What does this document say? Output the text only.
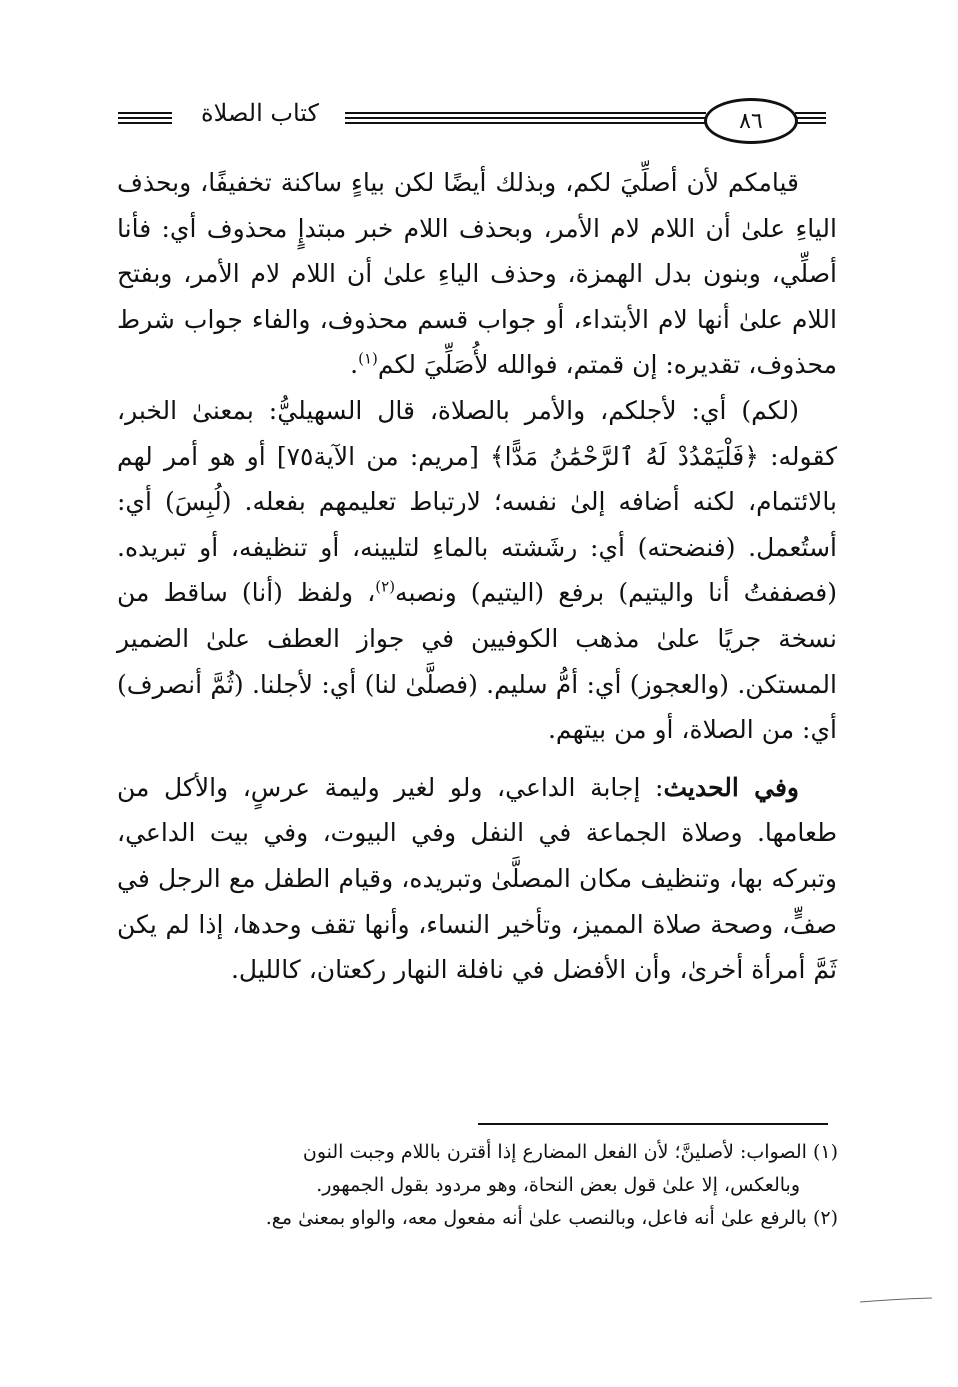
٨٦
كتاب الصلاة

قيامكم لأن أصلِّيَ لكم، وبذلك أيضًا لكن بياءٍ ساكنة تخفيفًا، وبحذف الياءِ علىٰ أن اللام لام الأمر، وبحذف اللام خبر مبتدإٍ محذوف أي: فأنا أصلِّي، وبنون بدل الهمزة، وحذف الياءِ علىٰ أن اللام لام الأمر، وبفتح اللام علىٰ أنها لام الأبتداء، أو جواب قسم محذوف، والفاء جواب شرط محذوف، تقديره: إن قمتم، فوالله لأُصَلِّيَ لكم$^{(١)}$.

(لكم) أي: لأجلكم، والأمر بالصلاة، قال السهيليُّ: بمعنىٰ الخبر، كقوله: ﴿فَلْيَمْدُدْ لَهُ ٱلرَّحْمَٰنُ مَدًّا﴾ [مريم: من الآية٧٥] أو هو أمر لهم بالائتمام، لكنه أضافه إلىٰ نفسه؛ لارتباط تعليمهم بفعله. (لُبِسَ) أي: أستُعمل. (فنضحته) أي: رشَشته بالماءِ لتليينه، أو تنظيفه، أو تبريده. (فصففتُ أنا واليتيم) برفع (اليتيم) ونصبه$^{(٢)}$، ولفظ (أنا) ساقط من نسخة جريًا علىٰ مذهب الكوفيين في جواز العطف علىٰ الضمير المستكن. (والعجوز) أي: أمُّ سليم. (فصلَّىٰ لنا) أي: لأجلنا. (ثُمَّ أنصرف) أي: من الصلاة، أو من بيتهم.

وفي الحديث: إجابة الداعي، ولو لغير وليمة عرسٍ، والأكل من طعامها. وصلاة الجماعة في النفل وفي البيوت، وفي بيت الداعي، وتبركه بها، وتنظيف مكان المصلَّىٰ وتبريده، وقيام الطفل مع الرجل في صفٍّ، وصحة صلاة المميز، وتأخير النساء، وأنها تقف وحدها، إذا لم يكن ثَمَّ أمرأة أخرىٰ، وأن الأفضل في نافلة النهار ركعتان، كالليل.

(١) الصواب: لأصلينَّ؛ لأن الفعل المضارع إذا أقترن باللام وجبت النون

وبالعكس، إلا علىٰ قول بعض النحاة، وهو مردود بقول الجمهور.

(٢) بالرفع علىٰ أنه فاعل، وبالنصب علىٰ أنه مفعول معه، والواو بمعنىٰ مع.
